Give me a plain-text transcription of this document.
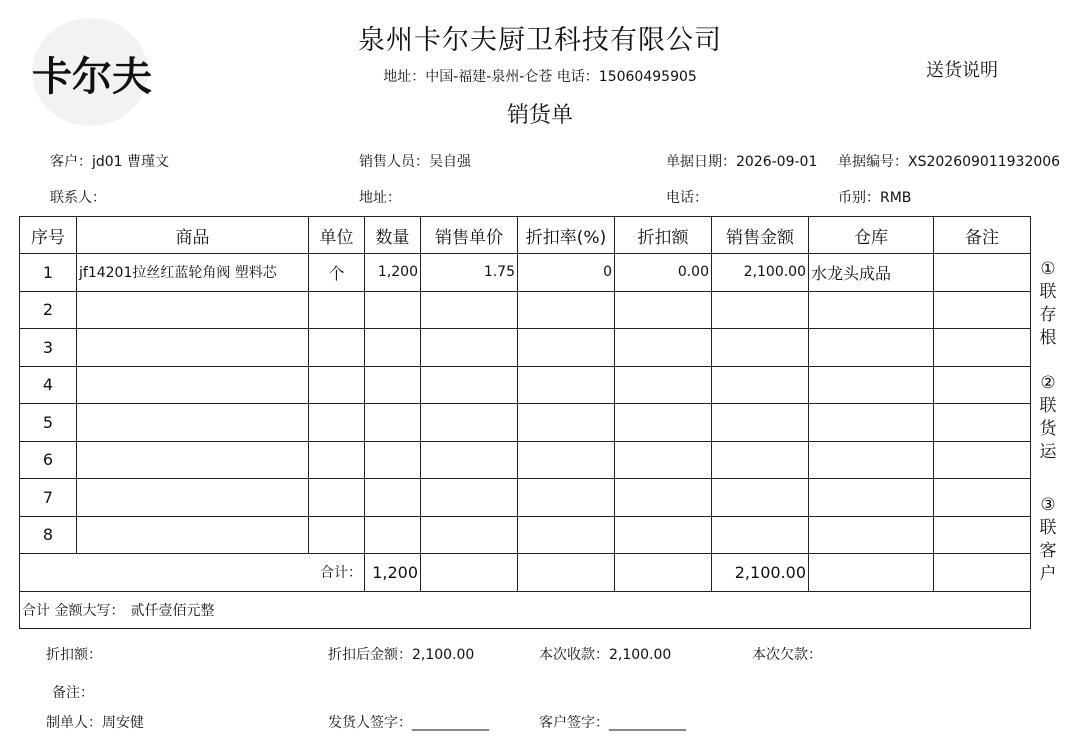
卡尔夫
泉州卡尔夫厨卫科技有限公司
地址：中国-福建-泉州-仑苍 电话：15060495905
销货单
送货说明
客户：jd01 曹瑾文	销售人员：吴自强	单据日期：2026-09-01 单据编号：XS202609011932006
联系人：	地址：	电话：	币别：RMB
序号	商品	单位	数量	销售单价	折扣率(%)	折扣额	销售金额	仓库	备注
1	jf14201拉丝红蓝轮角阀 塑料芯	个	1,200	1.75	0	0.00	2,100.00	水龙头成品	
2									
3									
4									
5									
6									
7									
8									
合计：			1,200				2,100.00		
合计 金额大写： 贰仟壹佰元整									
①
联
存
根
②
联
货
运
③
联
客
户
折扣额：	折扣后金额：2,100.00	本次收款：2,100.00	本次欠款：
备注：
制单人：周安健	发货人签字：___________	客户签字：___________
